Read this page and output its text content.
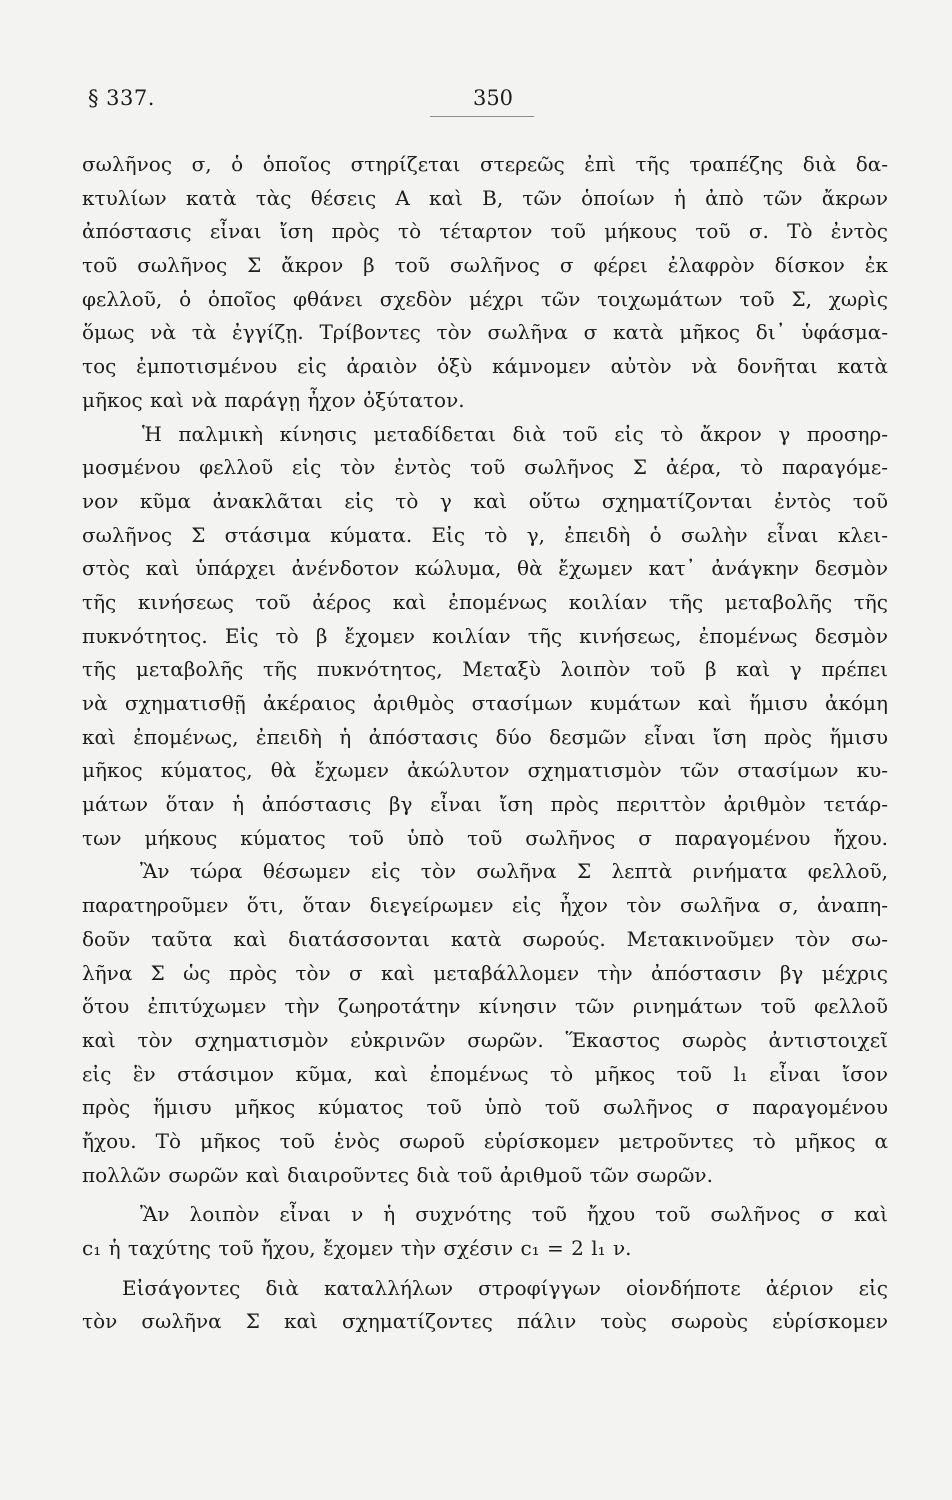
§ 337.	350
σωλῆνος σ, ὁ ὁποῖος στηρίζεται στερεῶς ἐπὶ τῆς τραπέζης διὰ δα-
κτυλίων κατὰ τὰς θέσεις Α καὶ Β, τῶν ὁποίων ἡ ἀπὸ τῶν ἄκρων
ἀπόστασις εἶναι ἴση πρὸς τὸ τέταρτον τοῦ μήκους τοῦ σ. Τὸ ἐντὸς
τοῦ σωλῆνος Σ ἄκρον β τοῦ σωλῆνος σ φέρει ἐλαφρὸν δίσκον ἐκ
φελλοῦ, ὁ ὁποῖος φθάνει σχεδὸν μέχρι τῶν τοιχωμάτων τοῦ Σ, χωρὶς
ὅμως νὰ τὰ ἐγγίζῃ. Τρίβοντες τὸν σωλῆνα σ κατὰ μῆκος δι᾽ ὑφάσμα-
τος ἐμποτισμένου εἰς ἀραιὸν ὀξὺ κάμνομεν αὐτὸν νὰ δονῆται κατὰ
μῆκος καὶ νὰ παράγῃ ἦχον ὀξύτατον.
Ἡ παλμικὴ κίνησις μεταδίδεται διὰ τοῦ εἰς τὸ ἄκρον γ προσηρ-
μοσμένου φελλοῦ εἰς τὸν ἐντὸς τοῦ σωλῆνος Σ ἀέρα, τὸ παραγόμε-
νον κῦμα ἀνακλᾶται εἰς τὸ γ καὶ οὕτω σχηματίζονται ἐντὸς τοῦ
σωλῆνος Σ στάσιμα κύματα. Εἰς τὸ γ, ἐπειδὴ ὁ σωλὴν εἶναι κλει-
στὸς καὶ ὑπάρχει ἀνένδοτον κώλυμα, θὰ ἔχωμεν κατ᾽ ἀνάγκην δεσμὸν
τῆς κινήσεως τοῦ ἀέρος καὶ ἐπομένως κοιλίαν τῆς μεταβολῆς τῆς
πυκνότητος. Εἰς τὸ β ἔχομεν κοιλίαν τῆς κινήσεως, ἐπομένως δεσμὸν
τῆς μεταβολῆς τῆς πυκνότητος, Μεταξὺ λοιπὸν τοῦ β καὶ γ πρέπει
νὰ σχηματισθῇ ἀκέραιος ἀριθμὸς στασίμων κυμάτων καὶ ἥμισυ ἀκόμη
καὶ ἐπομένως, ἐπειδὴ ἡ ἀπόστασις δύο δεσμῶν εἶναι ἴση πρὸς ἥμισυ
μῆκος κύματος, θὰ ἔχωμεν ἀκώλυτον σχηματισμὸν τῶν στασίμων κυ-
μάτων ὅταν ἡ ἀπόστασις βγ εἶναι ἴση πρὸς περιττὸν ἀριθμὸν τετάρ-
των μήκους κύματος τοῦ ὑπὸ τοῦ σωλῆνος σ παραγομένου ἤχου.
Ἂν τώρα θέσωμεν εἰς τὸν σωλῆνα Σ λεπτὰ ρινήματα φελλοῦ,
παρατηροῦμεν ὅτι, ὅταν διεγείρωμεν εἰς ἦχον τὸν σωλῆνα σ, ἀναπη-
δοῦν ταῦτα καὶ διατάσσονται κατὰ σωρούς. Μετακινοῦμεν τὸν σω-
λῆνα Σ ὡς πρὸς τὸν σ καὶ μεταβάλλομεν τὴν ἀπόστασιν βγ μέχρις
ὅτου ἐπιτύχωμεν τὴν ζωηροτάτην κίνησιν τῶν ρινημάτων τοῦ φελλοῦ
καὶ τὸν σχηματισμὸν εὐκρινῶν σωρῶν. Ἕκαστος σωρὸς ἀντιστοιχεῖ
εἰς ἓν στάσιμον κῦμα, καὶ ἐπομένως τὸ μῆκος τοῦ l₁ εἶναι ἴσον
πρὸς ἥμισυ μῆκος κύματος τοῦ ὑπὸ τοῦ σωλῆνος σ παραγομένου
ἤχου. Τὸ μῆκος τοῦ ἑνὸς σωροῦ εὑρίσκομεν μετροῦντες τὸ μῆκος α
πολλῶν σωρῶν καὶ διαιροῦντες διὰ τοῦ ἀριθμοῦ τῶν σωρῶν.
Ἂν λοιπὸν εἶναι ν ἡ συχνότης τοῦ ἤχου τοῦ σωλῆνος σ καὶ
c₁ ἡ ταχύτης τοῦ ἤχου, ἔχομεν τὴν σχέσιν c₁ = 2 l₁ ν.
Εἰσάγοντες διὰ καταλλήλων στροφίγγων οἱονδήποτε ἀέριον εἰς
τὸν σωλῆνα Σ καὶ σχηματίζοντες πάλιν τοὺς σωροὺς εὑρίσκομεν
